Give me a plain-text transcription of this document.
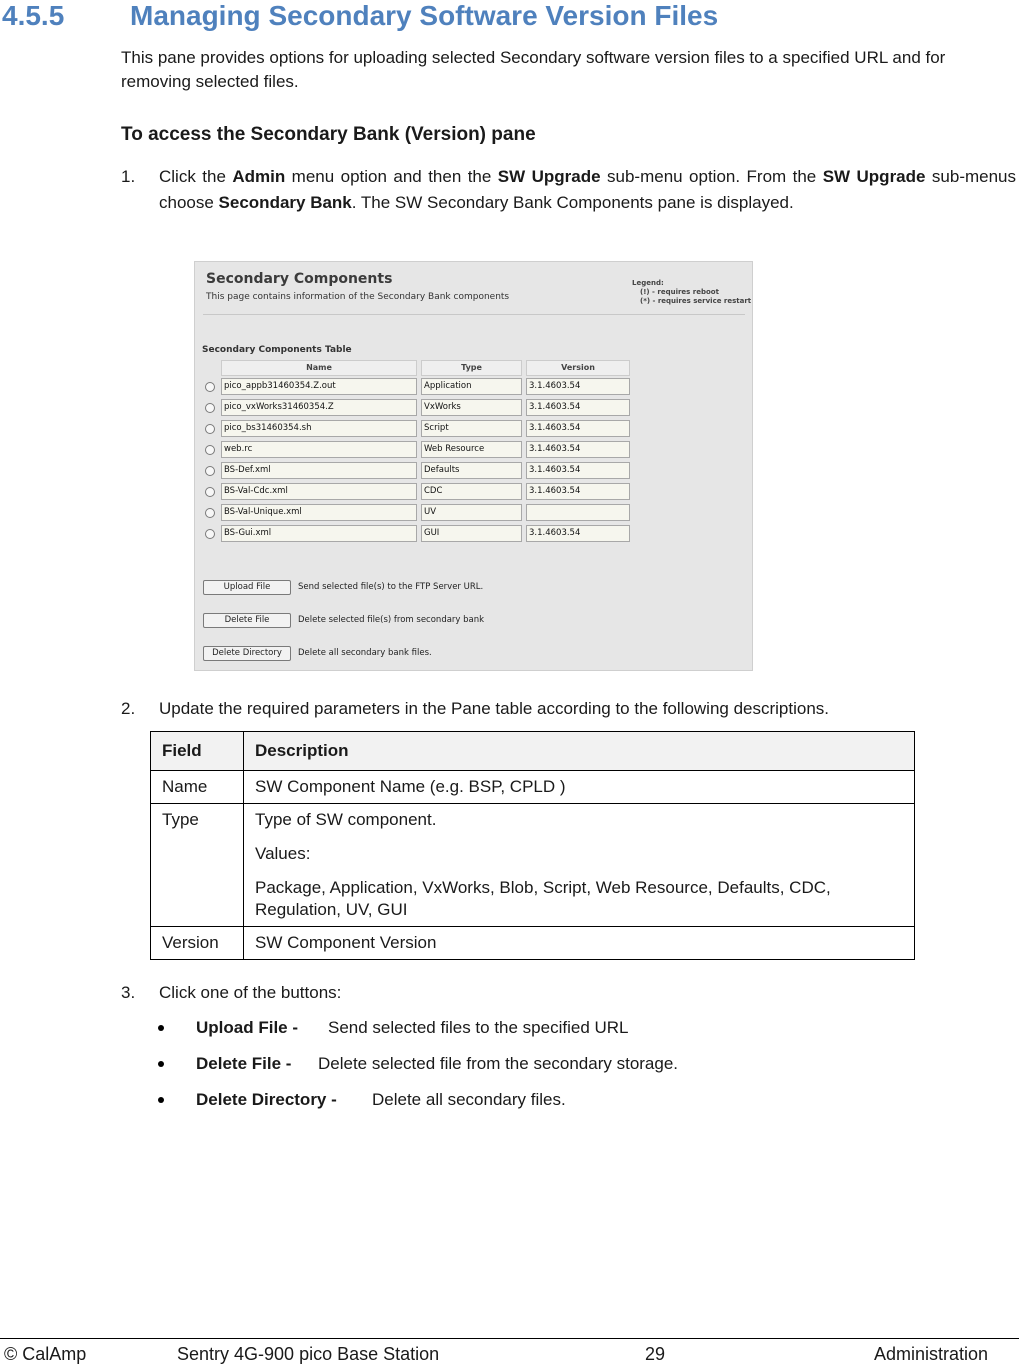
4.5.5 Managing Secondary Software Version Files

This pane provides options for uploading selected Secondary software version files to a specified URL and for removing selected files.

To access the Secondary Bank (Version) pane
1. Click the Admin menu option and then the SW Upgrade sub-menu option. From the SW Upgrade sub-menus choose Secondary Bank. The SW Secondary Bank Components pane is displayed.

Secondary Components
This page contains information of the Secondary Bank components
Legend:
(!) - requires reboot
(*) - requires service restart
Secondary Components Table
Name	Type	Version
pico_appb31460354.Z.out	Application	3.1.4603.54
pico_vxWorks31460354.Z	VxWorks	3.1.4603.54
pico_bs31460354.sh	Script	3.1.4603.54
web.rc	Web Resource	3.1.4603.54
BS-Def.xml	Defaults	3.1.4603.54
BS-Val-Cdc.xml	CDC	3.1.4603.54
BS-Val-Unique.xml	UV
BS-Gui.xml	GUI	3.1.4603.54
Upload File	Send selected file(s) to the FTP Server URL.
Delete File	Delete selected file(s) from secondary bank
Delete Directory	Delete all secondary bank files.
2. Update the required parameters in the Pane table according to the following descriptions.
Field	Description
Name	SW Component Name (e.g. BSP, CPLD )
Type	Type of SW component.

Values:

Package, Application, VxWorks, Blob, Script, Web Resource, Defaults, CDC, Regulation, UV, GUI

Version	SW Component Version
3. Click one of the buttons:
Upload File - Send selected files to the specified URL
Delete File - Delete selected file from the secondary storage.
Delete Directory - Delete all secondary files.
© CalAmp	Sentry 4G-900 pico Base Station	29	Administration
